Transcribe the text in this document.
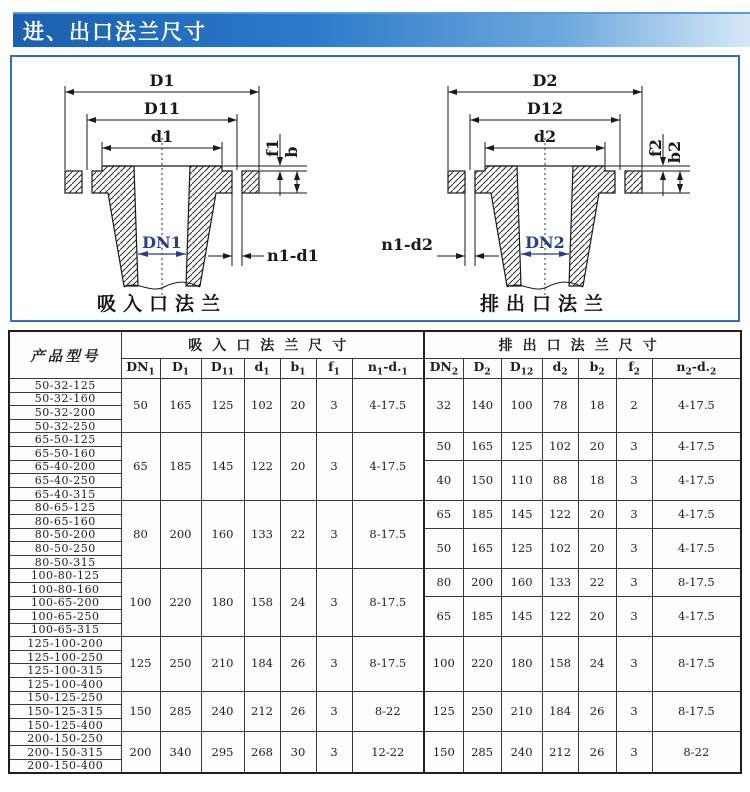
进、出口法兰尺寸
D1
D11
d1
DN1
f1 b
n1-d1
吸入口法兰
D2
D12
d2
DN2
f2 b2
n1-d2
排出口法兰
产品型号	吸入口法兰尺寸							排出口法兰尺寸						
	$DN_1$	$D_1$	$D_{11}$	$d_1$	$b_1$	$f_1$	$n_1-d._1$	$DN_2$	$D_2$	$D_{12}$	$d_2$	$b_2$	$f_2$	$n_2-d._2$
50-32-125	50	165	125	102	20	3	4-17.5	32	140	100	78	18	2	4-17.5
50-32-160														
50-32-200														
50-32-250														
65-50-125	65	185	145	122	20	3	4-17.5	50	165	125	102	20	3	4-17.5
65-50-160														
65-40-200								40	150	110	88	18	3	4-17.5
65-40-250														
65-40-315														
80-65-125	80	200	160	133	22	3	8-17.5	65	185	145	122	20	3	4-17.5
80-65-160														
80-50-200								50	165	125	102	20	3	4-17.5
80-50-250														
80-50-315														
100-80-125	100	220	180	158	24	3	8-17.5	80	200	160	133	22	3	8-17.5
100-80-160														
100-65-200								65	185	145	122	20	3	4-17.5
100-65-250														
100-65-315														
125-100-200	125	250	210	184	26	3	8-17.5	100	220	180	158	24	3	8-17.5
125-100-250														
125-100-315														
125-100-400														
150-125-250	150	285	240	212	26	3	8-22	125	250	210	184	26	3	8-17.5
150-125-315														
150-125-400														
200-150-250	200	340	295	268	30	3	12-22	150	285	240	212	26	3	8-22
200-150-315														
200-150-400														
